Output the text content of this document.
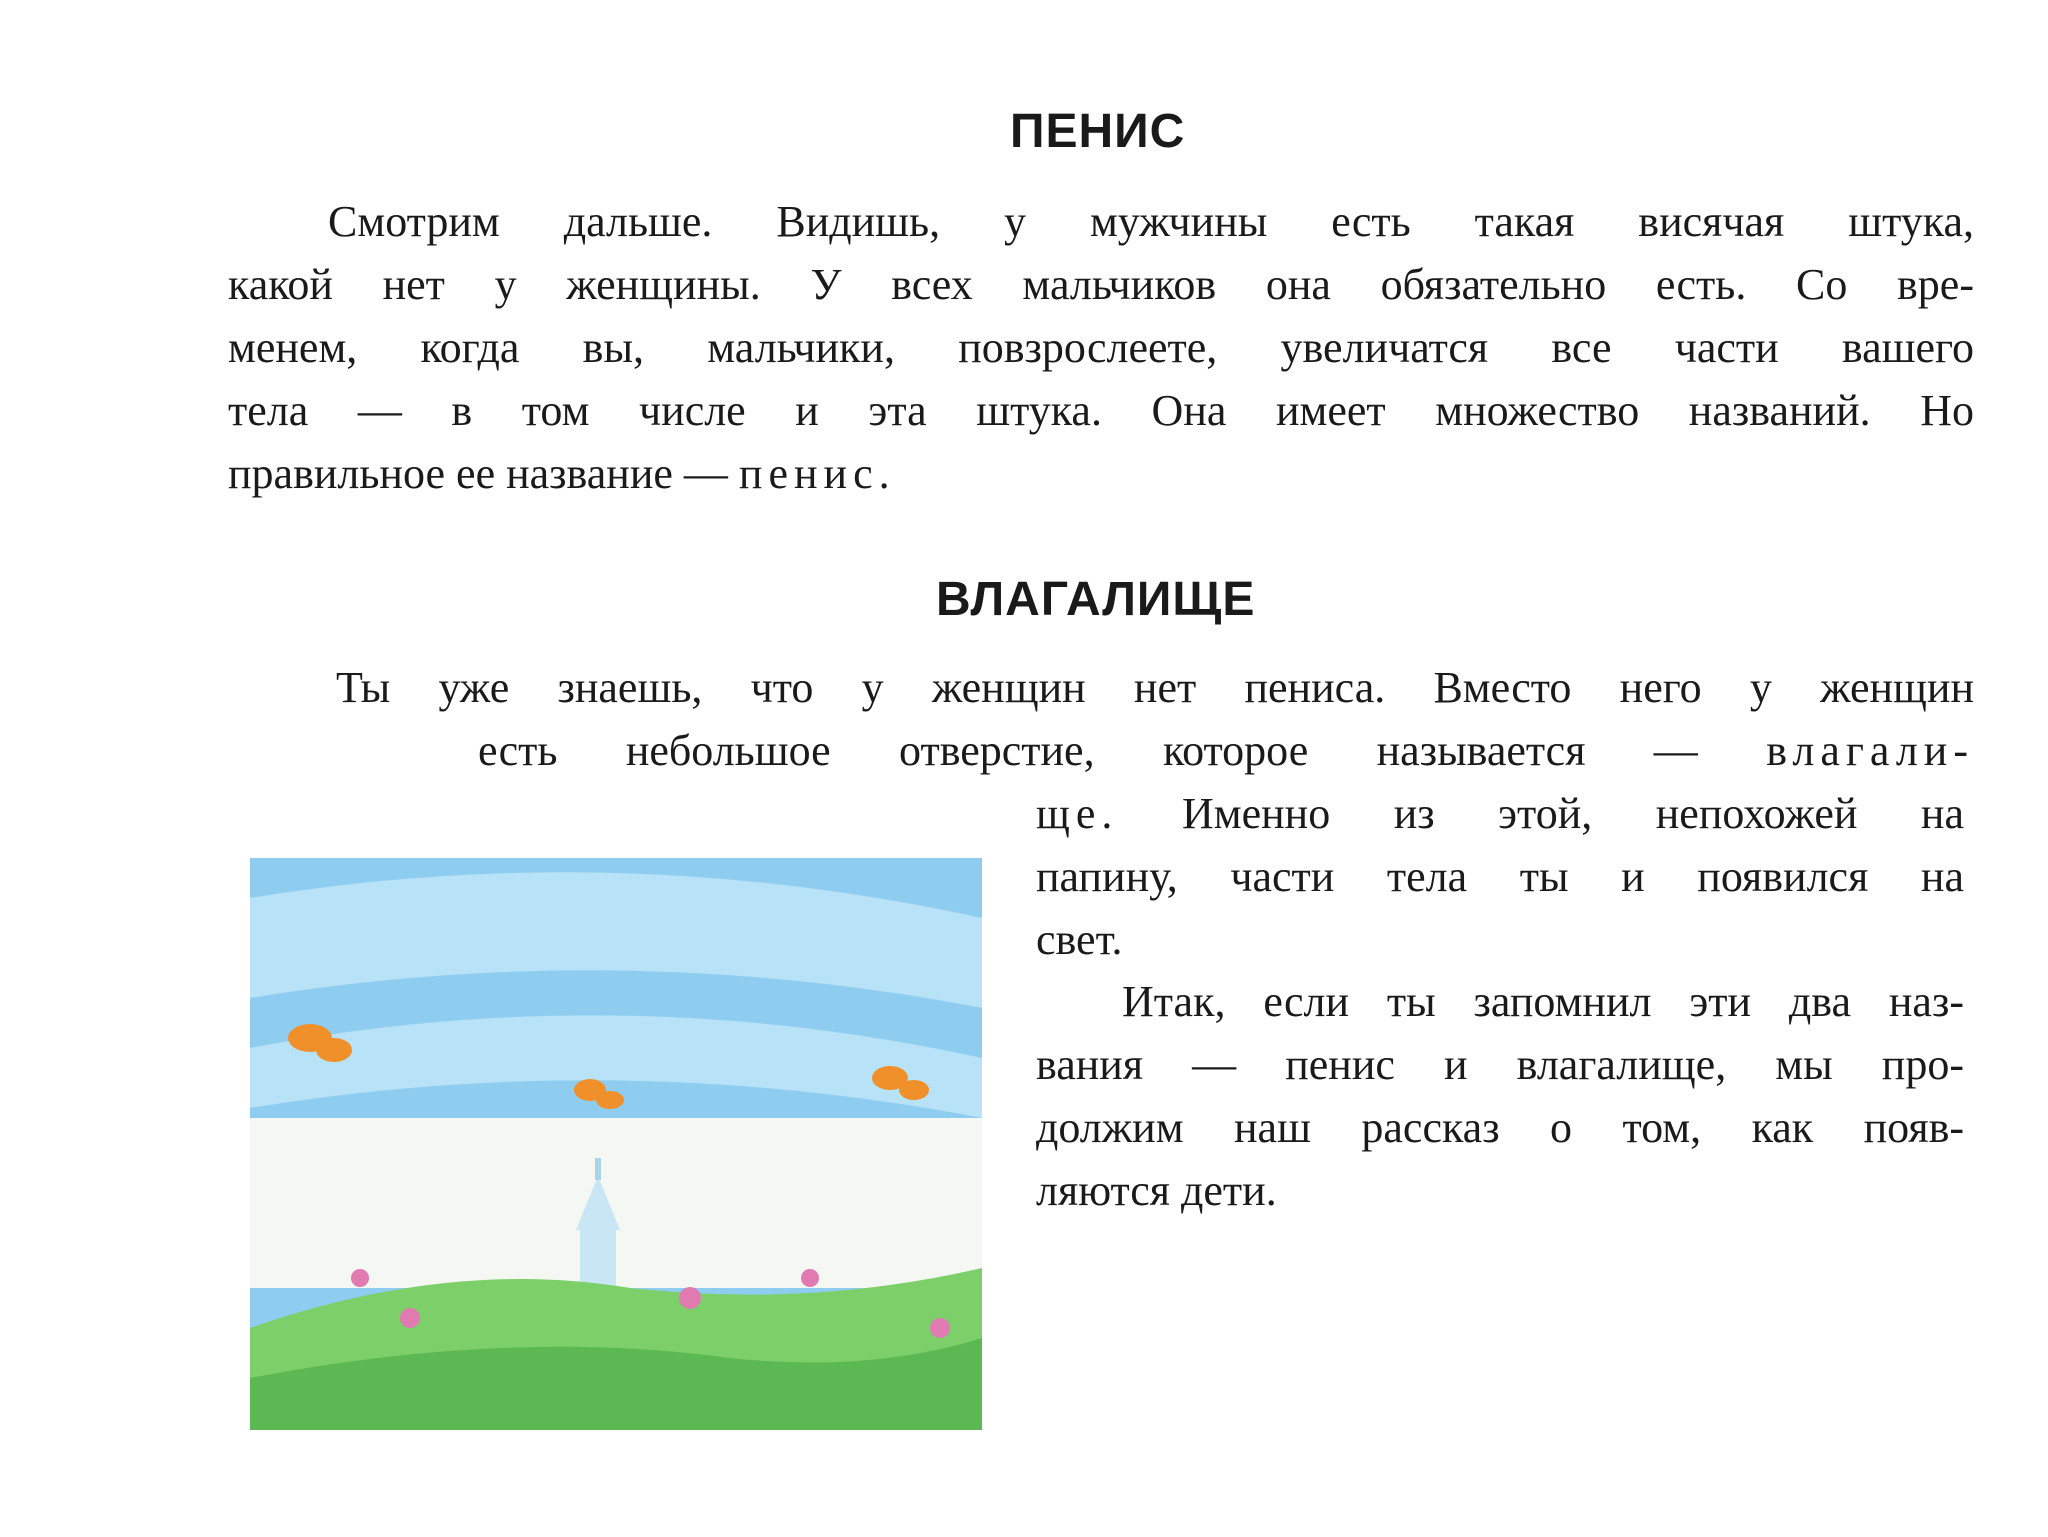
ПЕНИС
Смотрим дальше. Видишь, у мужчины есть такая висячая штука,
какой нет у женщины. У всех мальчиков она обязательно есть. Со вре-
менем, когда вы, мальчики, повзрослеете, увеличатся все части вашего
тела — в том числе и эта штука. Она имеет множество названий. Но
правильное ее название — пенис.
ВЛАГАЛИЩЕ
Ты уже знаешь, что у женщин нет пениса. Вместо него у женщин
есть небольшое отверстие, которое называется — влагали-
ще. Именно из этой, непохожей на
папину, части тела ты и появился на
свет.
Итак, если ты запомнил эти два наз-
вания — пенис и влагалище, мы про-
должим наш рассказ о том, как появ-
ляются дети.
